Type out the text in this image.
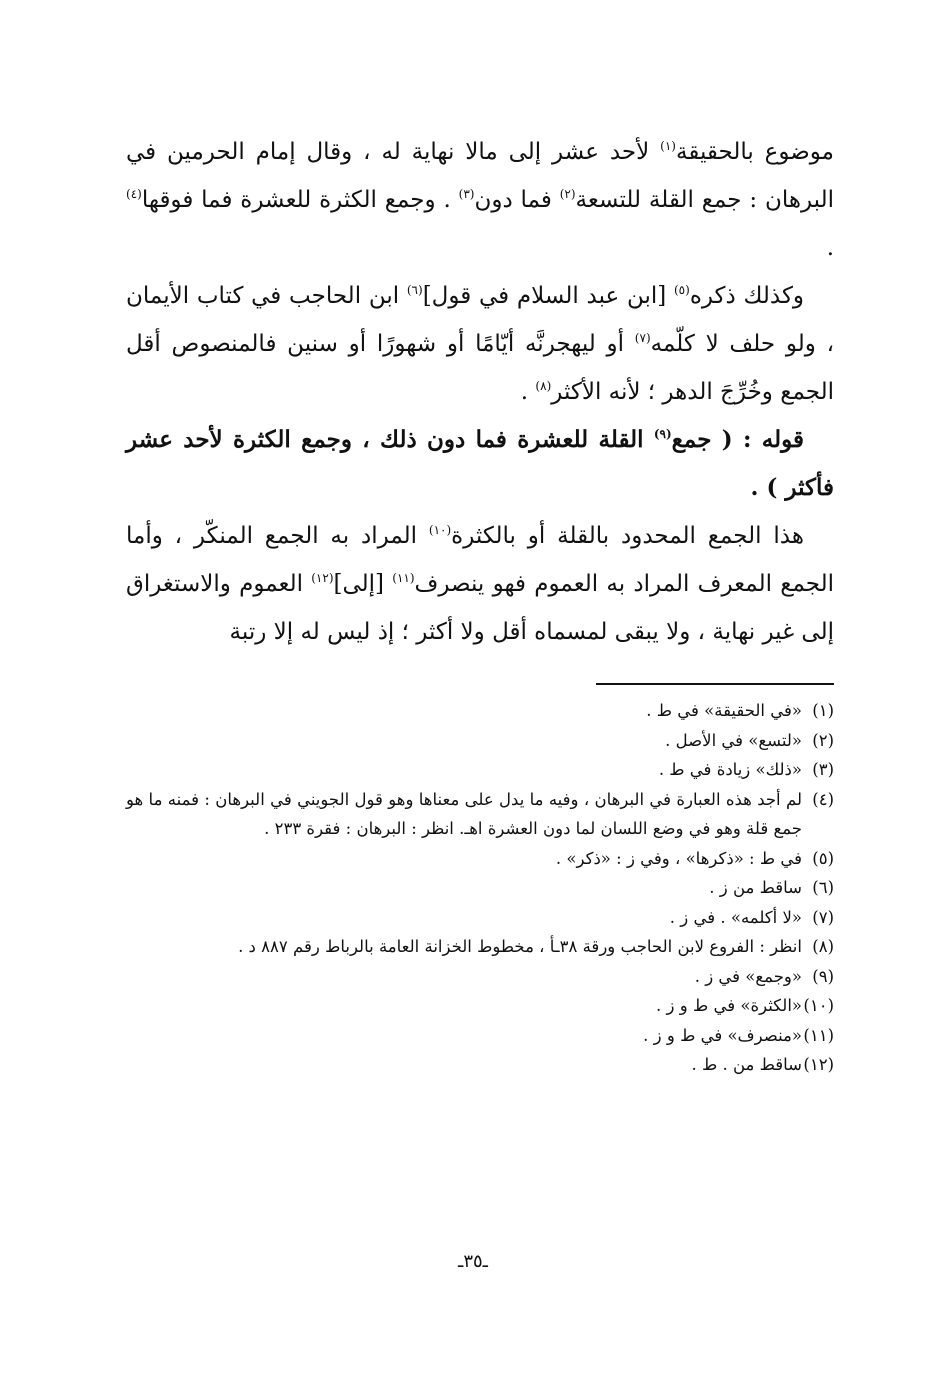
موضوع بالحقيقة$^{(١)}$ لأحد عشر إلى مالا نهاية له ، وقال إمام الحرمين في البرهان : جمع القلة للتسعة$^{(٢)}$ فما دون$^{(٣)}$ . وجمع الكثرة للعشرة فما فوقها$^{(٤)}$ .

وكذلك ذكره$^{(٥)}$ [ابن عبد السلام في قول]$^{(٦)}$ ابن الحاجب في كتاب الأيمان ، ولو حلف لا كلّمه$^{(٧)}$ أو ليهجرنَّه أيّامًا أو شهورًا أو سنين فالمنصوص أقل الجمع وخُرِّجَ الدهر ؛ لأنه الأكثر$^{(٨)}$ .

قوله : ( جمع$^{(٩)}$ القلة للعشرة فما دون ذلك ، وجمع الكثرة لأحد عشر فأكثر ) .

هذا الجمع المحدود بالقلة أو بالكثرة$^{(١٠)}$ المراد به الجمع المنكّر ، وأما الجمع المعرف المراد به العموم فهو ينصرف$^{(١١)}$ [إلى]$^{(١٢)}$ العموم والاستغراق إلى غير نهاية ، ولا يبقى لمسماه أقل ولا أكثر ؛ إذ ليس له إلا رتبة

(١)
«في الحقيقة» في ط .
(٢)
«لتسع» في الأصل .
(٣)
«ذلك» زيادة في ط .
(٤)
لم أجد هذه العبارة في البرهان ، وفيه ما يدل على معناها وهو قول الجويني في البرهان : فمنه ما هو جمع قلة وهو في وضع اللسان لما دون العشرة اهـ. انظر : البرهان : فقرة ٢٣٣ .
(٥)
في ط : «ذكرها» ، وفي ز : «ذكر» .
(٦)
ساقط من ز .
(٧)
«لا أكلمه» . في ز .
(٨)
انظر : الفروع لابن الحاجب ورقة ٣٨ـأ ، مخطوط الخزانة العامة بالرباط رقم ٨٨٧ د .
(٩)
«وجمع» في ز .
(١٠)
«الكثرة» في ط و ز .
(١١)
«منصرف» في ط و ز .
(١٢)
ساقط من . ط .
ـ٣٥ـ
